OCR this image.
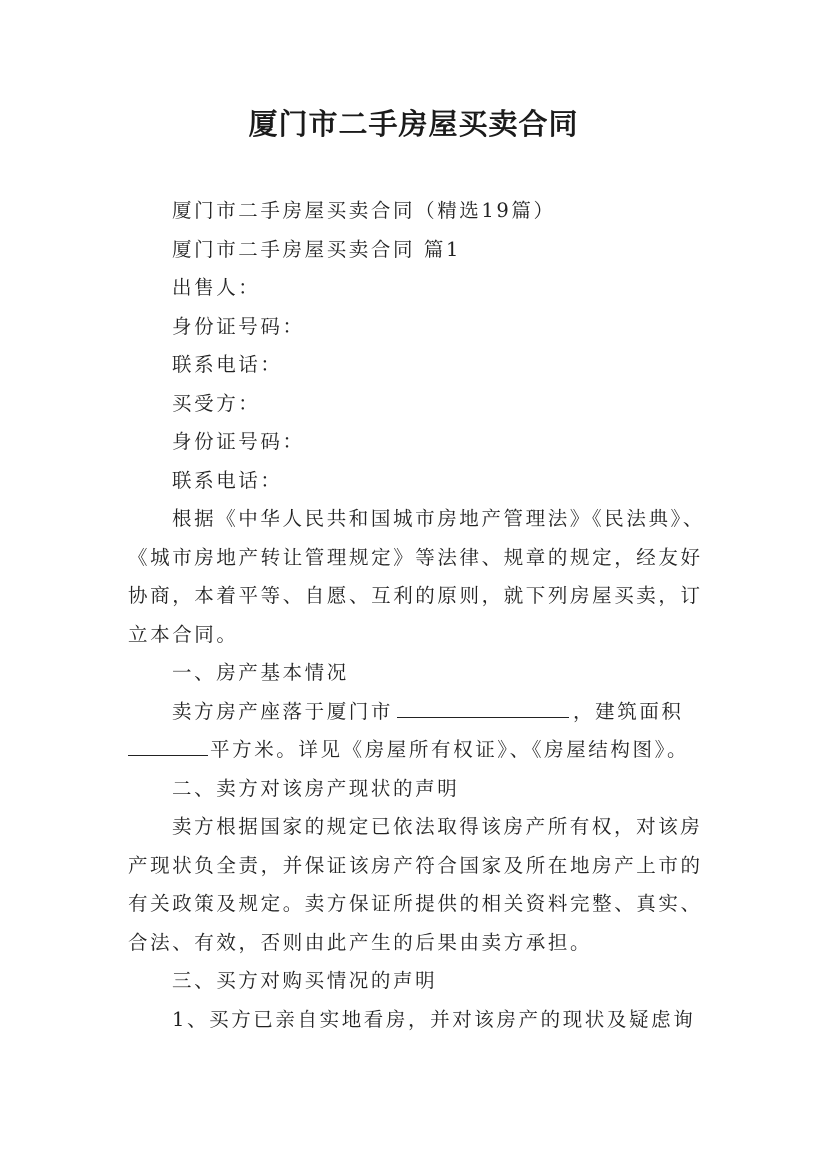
厦门市二手房屋买卖合同

厦门市二手房屋买卖合同（精选19篇）

厦门市二手房屋买卖合同 篇1

出售人：

身份证号码：

联系电话：

买受方：

身份证号码：

联系电话：

根据《中华人民共和国城市房地产管理法》《民法典》、

《城市房地产转让管理规定》等法律、规章的规定，经友好

协商，本着平等、自愿、互利的原则，就下列房屋买卖，订

立本合同。

一、房产基本情况

卖方房产座落于厦门市	，建筑面积

平方米。详见《房屋所有权证》、《房屋结构图》。

二、卖方对该房产现状的声明

卖方根据国家的规定已依法取得该房产所有权，对该房

产现状负全责，并保证该房产符合国家及所在地房产上市的

有关政策及规定。卖方保证所提供的相关资料完整、真实、

合法、有效，否则由此产生的后果由卖方承担。

三、买方对购买情况的声明

1、买方已亲自实地看房，并对该房产的现状及疑虑询
